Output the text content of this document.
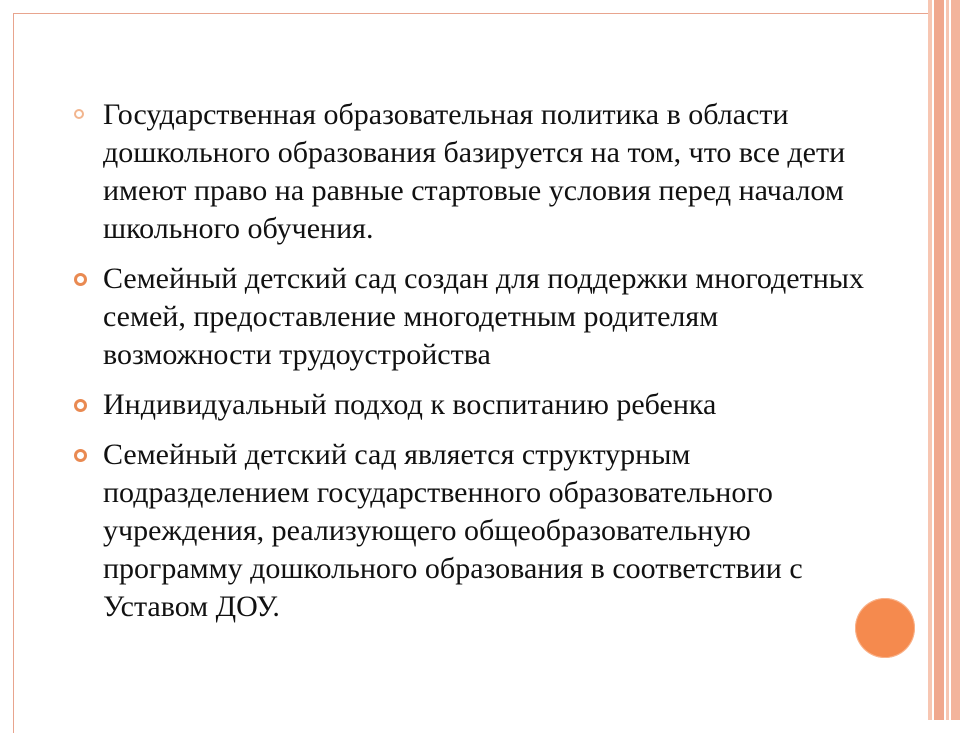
Государственная образовательная политика в области дошкольного образования базируется на том, что все дети имеют право на равные стартовые условия перед началом школьного обучения.
Семейный детский сад создан для поддержки многодетных семей, предоставление многодетным родителям возможности трудоустройства
Индивидуальный подход к воспитанию ребенка
Семейный детский сад является структурным подразделением государственного образовательного учреждения, реализующего общеобразовательную программу дошкольного образования в соответствии с Уставом ДОУ.
